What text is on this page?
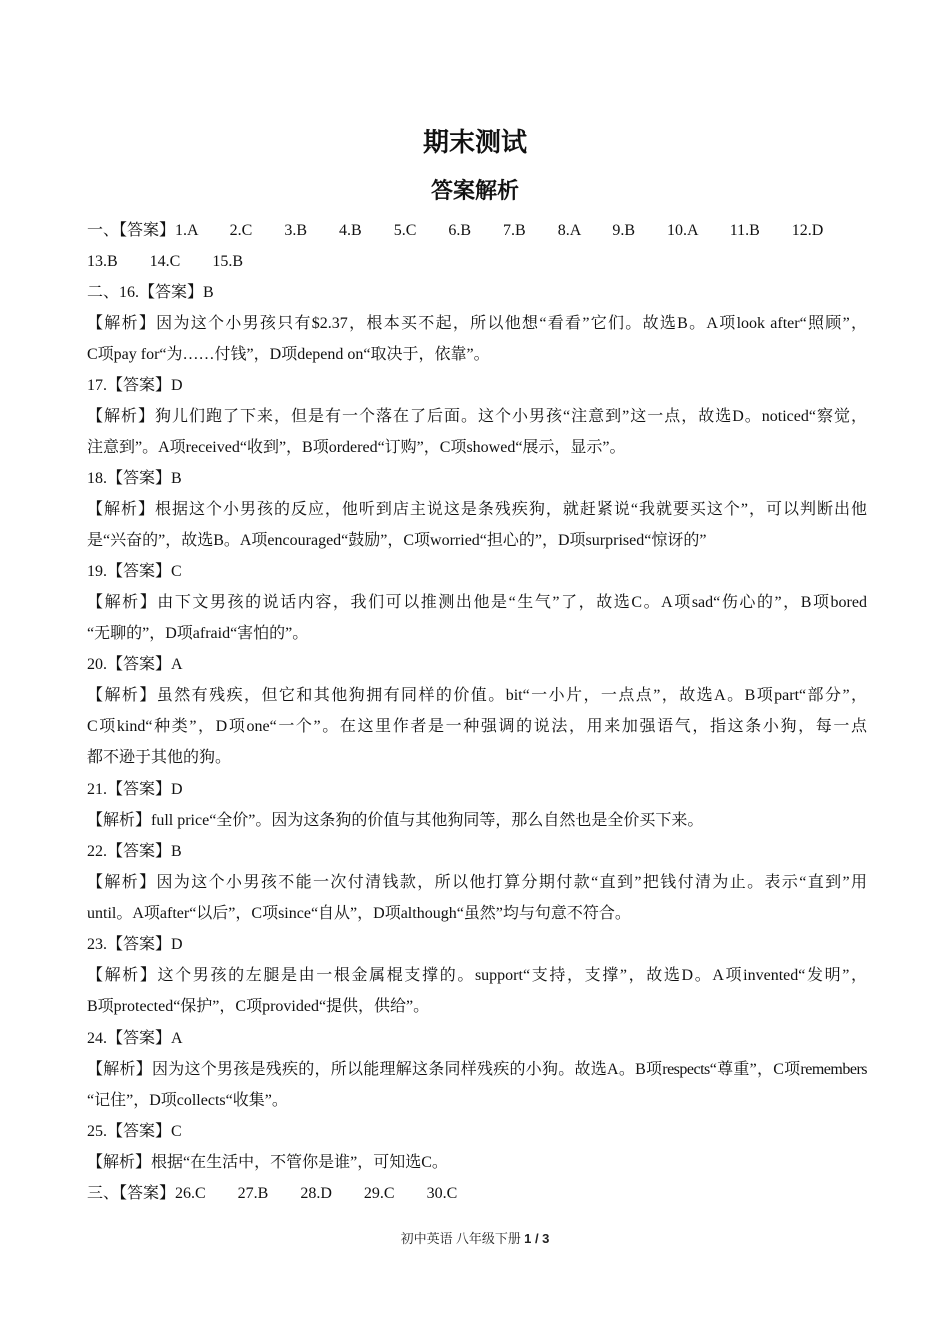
期末测试
答案解析
一、【答案】1.A　　2.C　　3.B　　4.B　　5.C　　6.B　　7.B　　8.A　　9.B　　10.A　　11.B　　12.D
13.B　　14.C　　15.B
二、16.【答案】B
【解析】因为这个小男孩只有$2.37，根本买不起，所以他想“看看”它们。故选B。A项look after“照顾”，
C项pay for“为……付钱”，D项depend on“取决于，依靠”。
17.【答案】D
【解析】狗儿们跑了下来，但是有一个落在了后面。这个小男孩“注意到”这一点，故选D。noticed“察觉，
注意到”。A项received“收到”，B项ordered“订购”，C项showed“展示，显示”。
18.【答案】B
【解析】根据这个小男孩的反应，他听到店主说这是条残疾狗，就赶紧说“我就要买这个”，可以判断出他
是“兴奋的”，故选B。A项encouraged“鼓励”，C项worried“担心的”，D项surprised“惊讶的”
19.【答案】C
【解析】由下文男孩的说话内容，我们可以推测出他是“生气”了，故选C。A项sad“伤心的”，B项bored
“无聊的”，D项afraid“害怕的”。
20.【答案】A
【解析】虽然有残疾，但它和其他狗拥有同样的价值。bit“一小片，一点点”，故选A。B项part“部分”，
C项kind“种类”，D项one“一个”。在这里作者是一种强调的说法，用来加强语气，指这条小狗，每一点
都不逊于其他的狗。
21.【答案】D
【解析】full price“全价”。因为这条狗的价值与其他狗同等，那么自然也是全价买下来。
22.【答案】B
【解析】因为这个小男孩不能一次付清钱款，所以他打算分期付款“直到”把钱付清为止。表示“直到”用
until。A项after“以后”，C项since“自从”，D项although“虽然”均与句意不符合。
23.【答案】D
【解析】这个男孩的左腿是由一根金属棍支撑的。support“支持，支撑”，故选D。A项invented“发明”，
B项protected“保护”，C项provided“提供，供给”。
24.【答案】A
【解析】因为这个男孩是残疾的，所以能理解这条同样残疾的小狗。故选A。B项respects“尊重”，C项remembers
“记住”，D项collects“收集”。
25.【答案】C
【解析】根据“在生活中，不管你是谁”，可知选C。
三、【答案】26.C　　27.B　　28.D　　29.C　　30.C
初中英语 八年级下册 1 / 3
